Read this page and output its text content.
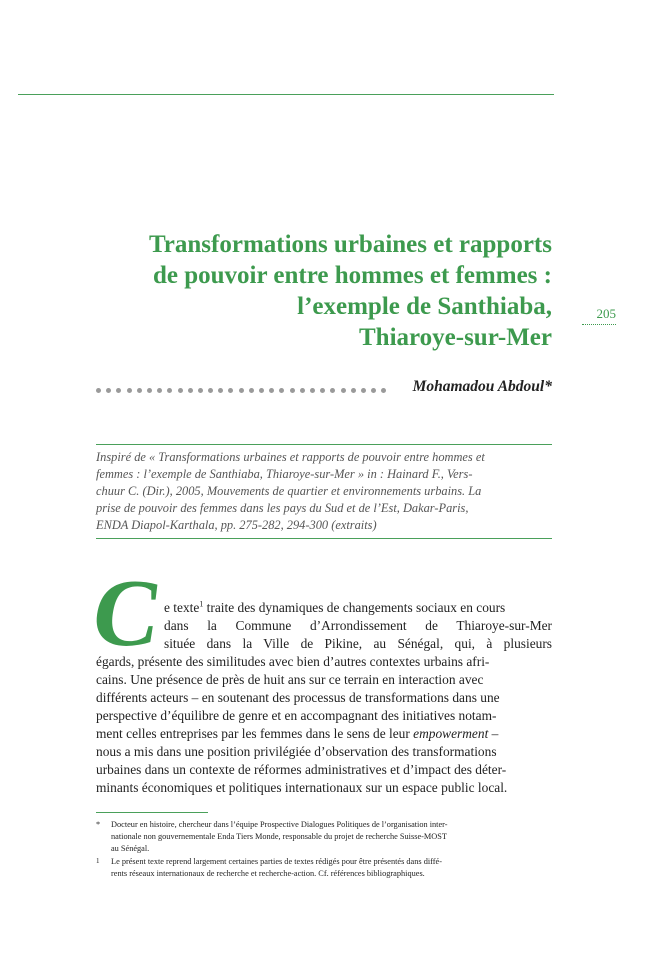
Transformations urbaines et rapports
de pouvoir entre hommes et femmes :
l’exemple de Santhiaba,
Thiaroye-sur-Mer
205
Mohamadou Abdoul*
Inspiré de « Transformations urbaines et rapports de pouvoir entre hommes et
femmes : l’exemple de Santhiaba, Thiaroye-sur-Mer » in : Hainard F., Vers-
chuur C. (Dir.), 2005, Mouvements de quartier et environnements urbains. La
prise de pouvoir des femmes dans les pays du Sud et de l’Est, Dakar-Paris,
ENDA Diapol-Karthala, pp. 275-282, 294-300 (extraits)
C
e texte$^1$ traite des dynamiques de changements sociaux en cours
dans la Commune d’Arrondissement de Thiaroye-sur-Mer
située dans la Ville de Pikine, au Sénégal, qui, à plusieurs
égards, présente des similitudes avec bien d’autres contextes urbains afri-
cains. Une présence de près de huit ans sur ce terrain en interaction avec
différents acteurs – en soutenant des processus de transformations dans une
perspective d’équilibre de genre et en accompagnant des initiatives notam-
ment celles entreprises par les femmes dans le sens de leur empowerment –
nous a mis dans une position privilégiée d’observation des transformations
urbaines dans un contexte de réformes administratives et d’impact des déter-
minants économiques et politiques internationaux sur un espace public local.
* Docteur en histoire, chercheur dans l’équipe Prospective Dialogues Politiques de l’organisation inter-
nationale non gouvernementale Enda Tiers Monde, responsable du projet de recherche Suisse-MOST
au Sénégal.
1 Le présent texte reprend largement certaines parties de textes rédigés pour être présentés dans diffé-
rents réseaux internationaux de recherche et recherche-action. Cf. références bibliographiques.
